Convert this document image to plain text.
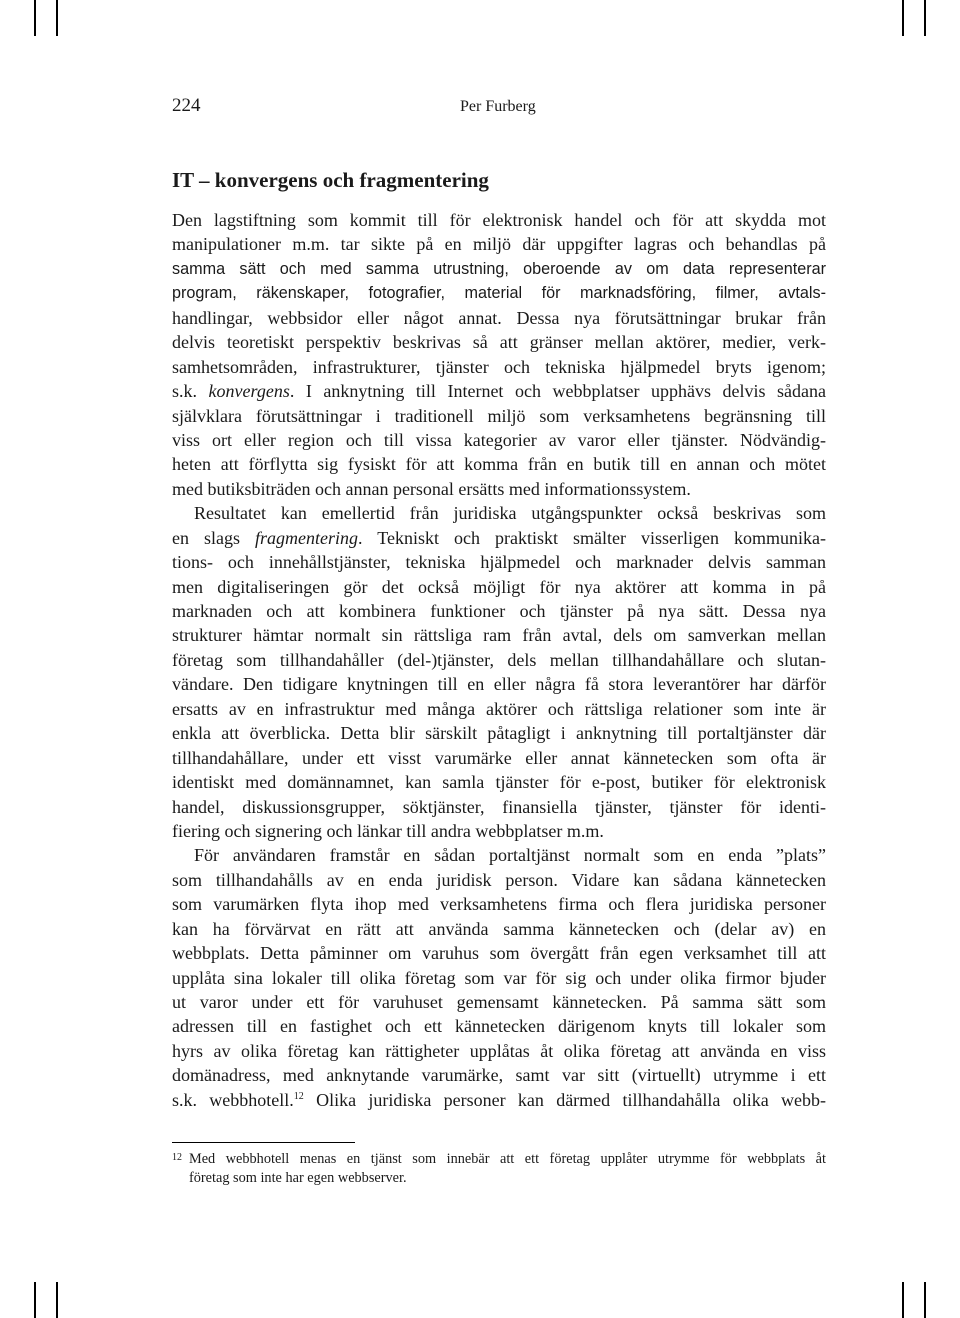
224	Per Furberg
IT – konvergens och fragmentering
Den lagstiftning som kommit till för elektronisk handel och för att skydda mot
manipulationer m.m. tar sikte på en miljö där uppgifter lagras och behandlas på
samma sätt och med samma utrustning, oberoende av om data representerar
program, räkenskaper, fotografier, material för marknadsföring, filmer, avtals-
handlingar, webbsidor eller något annat. Dessa nya förutsättningar brukar från
delvis teoretiskt perspektiv beskrivas så att gränser mellan aktörer, medier, verk-
samhetsområden, infrastrukturer, tjänster och tekniska hjälpmedel bryts igenom;
s.k. konvergens. I anknytning till Internet och webbplatser upphävs delvis sådana
självklara förutsättningar i traditionell miljö som verksamhetens begränsning till
viss ort eller region och till vissa kategorier av varor eller tjänster. Nödvändig-
heten att förflytta sig fysiskt för att komma från en butik till en annan och mötet
med butiksbiträden och annan personal ersätts med informationssystem.
Resultatet kan emellertid från juridiska utgångspunkter också beskrivas som
en slags fragmentering. Tekniskt och praktiskt smälter visserligen kommunika-
tions- och innehållstjänster, tekniska hjälpmedel och marknader delvis samman
men digitaliseringen gör det också möjligt för nya aktörer att komma in på
marknaden och att kombinera funktioner och tjänster på nya sätt. Dessa nya
strukturer hämtar normalt sin rättsliga ram från avtal, dels om samverkan mellan
företag som tillhandahåller (del-)tjänster, dels mellan tillhandahållare och slutan-
vändare. Den tidigare knytningen till en eller några få stora leverantörer har därför
ersatts av en infrastruktur med många aktörer och rättsliga relationer som inte är
enkla att överblicka. Detta blir särskilt påtagligt i anknytning till portaltjänster där
tillhandahållare, under ett visst varumärke eller annat kännetecken som ofta är
identiskt med domännamnet, kan samla tjänster för e-post, butiker för elektronisk
handel, diskussionsgrupper, söktjänster, finansiella tjänster, tjänster för identi-
fiering och signering och länkar till andra webbplatser m.m.
För användaren framstår en sådan portaltjänst normalt som en enda ”plats”
som tillhandahålls av en enda juridisk person. Vidare kan sådana kännetecken
som varumärken flyta ihop med verksamhetens firma och flera juridiska personer
kan ha förvärvat en rätt att använda samma kännetecken och (delar av) en
webbplats. Detta påminner om varuhus som övergått från egen verksamhet till att
upplåta sina lokaler till olika företag som var för sig och under olika firmor bjuder
ut varor under ett för varuhuset gemensamt kännetecken. På samma sätt som
adressen till en fastighet och ett kännetecken därigenom knyts till lokaler som
hyrs av olika företag kan rättigheter upplåtas åt olika företag att använda en viss
domänadress, med anknytande varumärke, samt var sitt (virtuellt) utrymme i ett
s.k. webbhotell.$^{12}$ Olika juridiska personer kan därmed tillhandahålla olika webb-
12 Med webbhotell menas en tjänst som innebär att ett företag upplåter utrymme för webbplats åt
företag som inte har egen webbserver.
